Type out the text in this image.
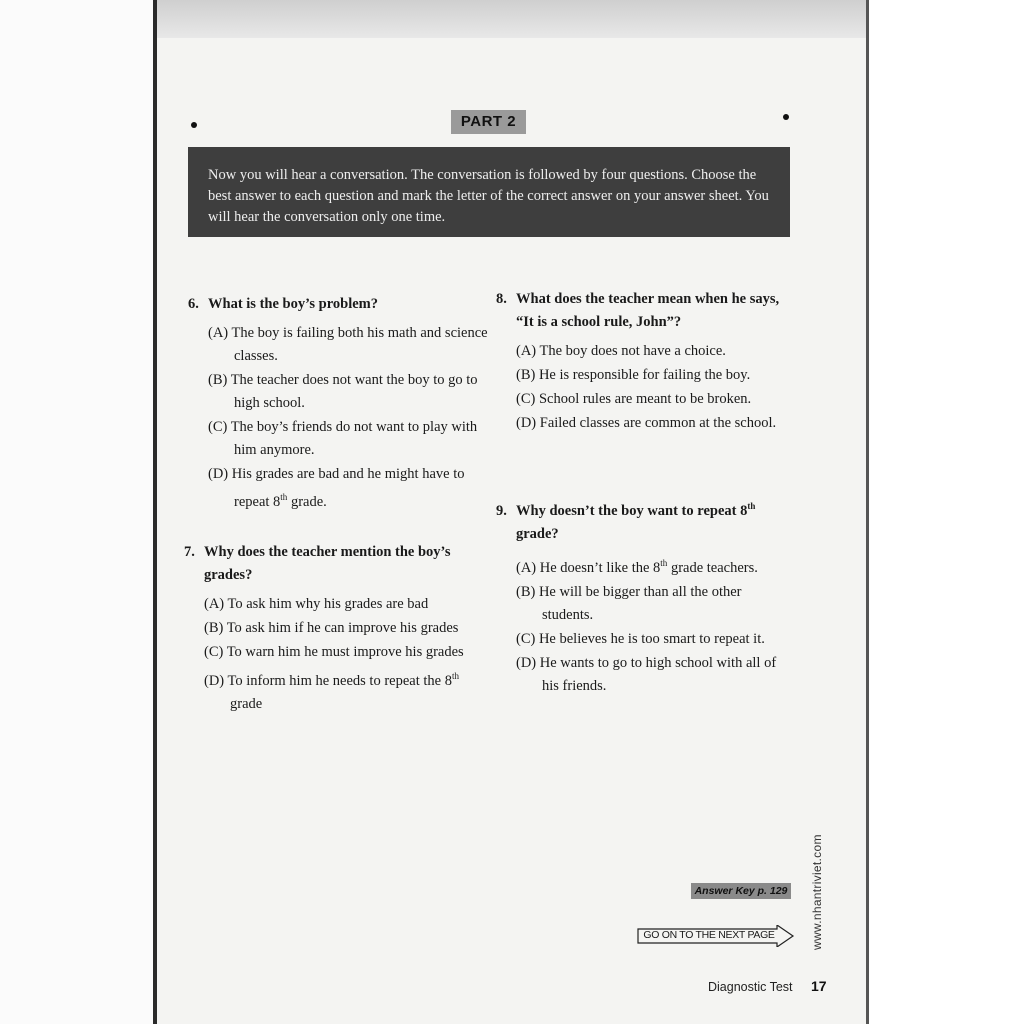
PART 2
Now you will hear a conversation. The conversation is followed by four questions. Choose the best answer to each question and mark the letter of the correct answer on your answer sheet. You will hear the conversation only one time.
6. What is the boy’s problem?
(A) The boy is failing both his math and science classes.
(B) The teacher does not want the boy to go to high school.
(C) The boy’s friends do not want to play with him anymore.
(D) His grades are bad and he might have to repeat 8th grade.
7. Why does the teacher mention the boy’s grades?
(A) To ask him why his grades are bad
(B) To ask him if he can improve his grades
(C) To warn him he must improve his grades
(D) To inform him he needs to repeat the 8th grade
8. What does the teacher mean when he says, “It is a school rule, John”?
(A) The boy does not have a choice.
(B) He is responsible for failing the boy.
(C) School rules are meant to be broken.
(D) Failed classes are common at the school.
9. Why doesn’t the boy want to repeat 8th grade?
(A) He doesn’t like the 8th grade teachers.
(B) He will be bigger than all the other students.
(C) He believes he is too smart to repeat it.
(D) He wants to go to high school with all of his friends.
Answer Key p. 129
GO ON TO THE NEXT PAGE	www.nhantriviet.com
Diagnostic Test 17
